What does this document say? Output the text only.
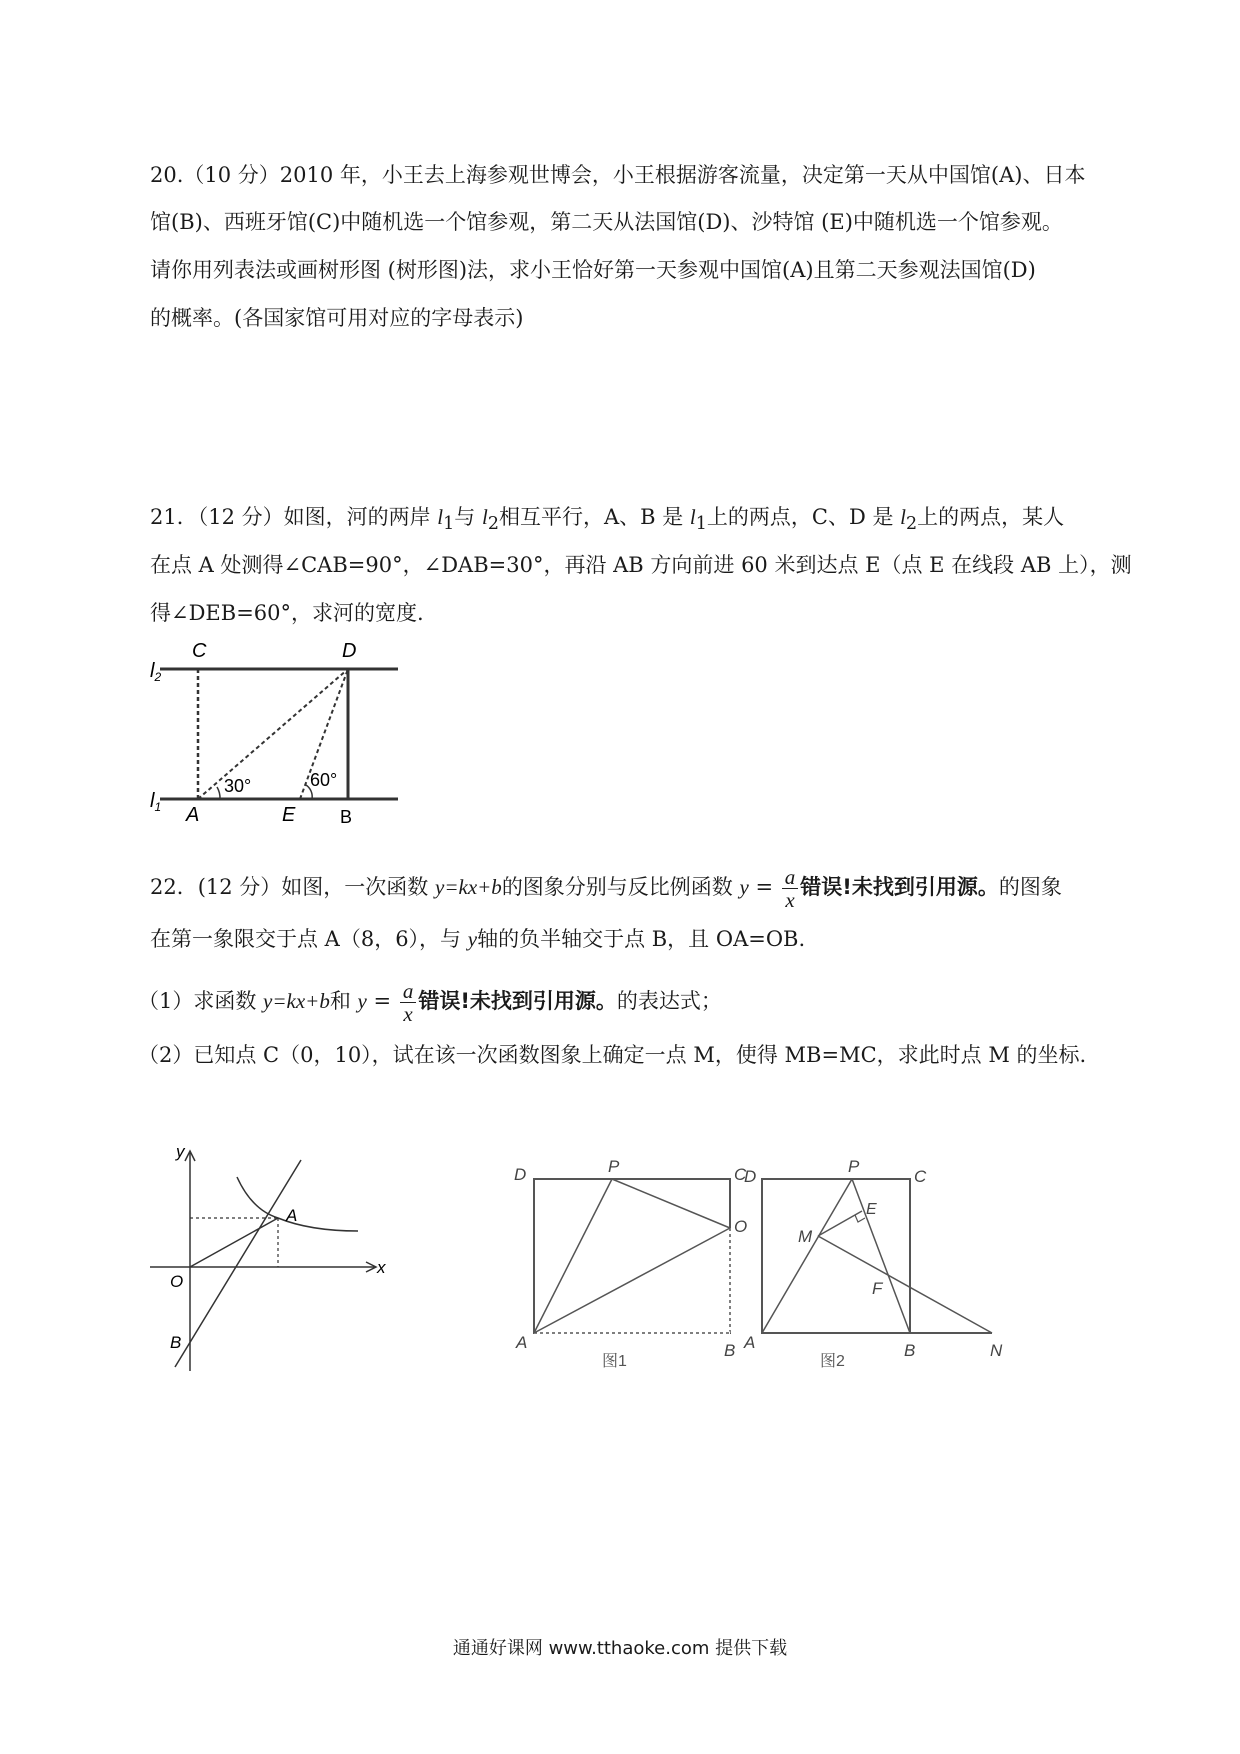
20.（10 分）2010 年，小王去上海参观世博会，小王根据游客流量，决定第一天从中国馆(A)、日本
馆(B)、西班牙馆(C)中随机选一个馆参观，第二天从法国馆(D)、沙特馆 (E)中随机选一个馆参观。
请你用列表法或画树形图 (树形图)法，求小王恰好第一天参观中国馆(A)且第二天参观法国馆(D)
的概率。(各国家馆可用对应的字母表示)
21．（12 分）如图，河的两岸 $l_1$与 $l_2$相互平行，A、B 是 $l_1$上的两点，C、D 是 $l_2$上的两点，某人
在点 A 处测得∠CAB=90°，∠DAB=30°，再沿 AB 方向前进 60 米到达点 E（点 E 在线段 AB 上），测
得∠DEB=60°，求河的宽度.
C	D
$l_2$
$l_1$
30°	60°
A	E B
22．(12 分）如图，一次函数 y=kx+b的图象分别与反比例函数 $y = \frac{a}{x}$ 错误!未找到引用源。的图象
在第一象限交于点 A（8，6），与 y轴的负半轴交于点 B，且 OA=OB.
（1）求函数 y=kx+b和 $y = \frac{a}{x}$ 错误!未找到引用源。的表达式；
（2）已知点 C（0，10），试在该一次函数图象上确定一点 M，使得 MB=MC，求此时点 M 的坐标.
y
x
O
A
B
D	P	C
O
A	B
图1
D
P
C
E
M
F
A	B	N
图2
通通好课网 www.tthaoke.com 提供下载
